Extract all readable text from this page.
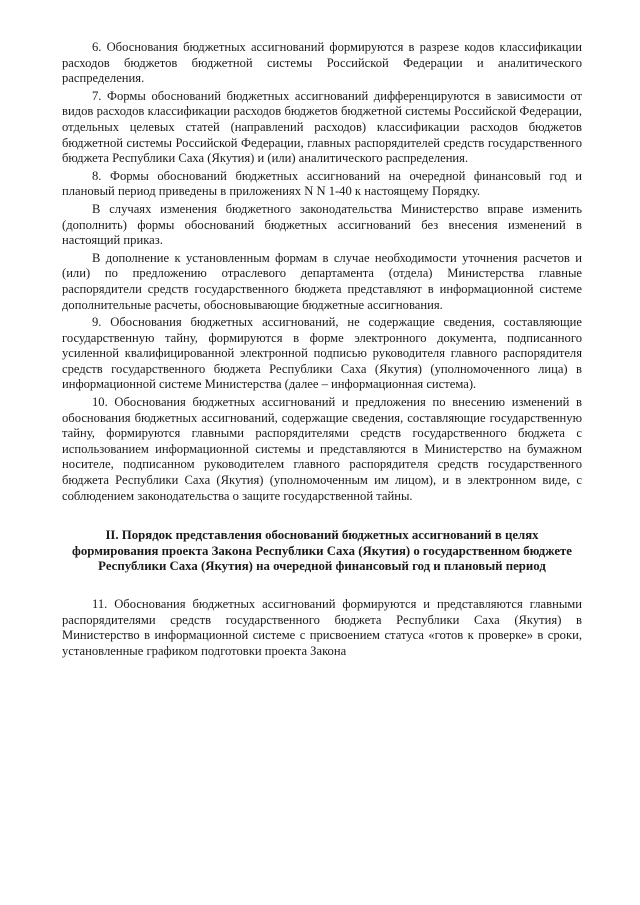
6. Обоснования бюджетных ассигнований формируются в разрезе кодов классификации расходов бюджетов бюджетной системы Российской Федерации и аналитического распределения.

7. Формы обоснований бюджетных ассигнований дифференцируются в зависимости от видов расходов классификации расходов бюджетов бюджетной системы Российской Федерации, отдельных целевых статей (направлений расходов) классификации расходов бюджетов бюджетной системы Российской Федерации, главных распорядителей средств государственного бюджета Республики Саха (Якутия) и (или) аналитического распределения.

8. Формы обоснований бюджетных ассигнований на очередной финансовый год и плановый период приведены в приложениях N N 1-40 к настоящему Порядку.

В случаях изменения бюджетного законодательства Министерство вправе изменить (дополнить) формы обоснований бюджетных ассигнований без внесения изменений в настоящий приказ.

В дополнение к установленным формам в случае необходимости уточнения расчетов и (или) по предложению отраслевого департамента (отдела) Министерства главные распорядители средств государственного бюджета представляют в информационной системе дополнительные расчеты, обосновывающие бюджетные ассигнования.

9. Обоснования бюджетных ассигнований, не содержащие сведения, составляющие государственную тайну, формируются в форме электронного документа, подписанного усиленной квалифицированной электронной подписью руководителя главного распорядителя средств государственного бюджета Республики Саха (Якутия) (уполномоченного лица) в информационной системе Министерства (далее – информационная система).

10. Обоснования бюджетных ассигнований и предложения по внесению изменений в обоснования бюджетных ассигнований, содержащие сведения, составляющие государственную тайну, формируются главными распорядителями средств государственного бюджета с использованием информационной системы и представляются в Министерство на бумажном носителе, подписанном руководителем главного распорядителя средств государственного бюджета Республики Саха (Якутия) (уполномоченным им лицом), и в электронном виде, с соблюдением законодательства о защите государственной тайны.

II. Порядок представления обоснований бюджетных ассигнований в целях формирования проекта Закона Республики Саха (Якутия) о государственном бюджете Республики Саха (Якутия) на очередной финансовый год и плановый период

11. Обоснования бюджетных ассигнований формируются и представляются главными распорядителями средств государственного бюджета Республики Саха (Якутия) в Министерство в информационной системе с присвоением статуса «готов к проверке» в сроки, установленные графиком подготовки проекта Закона
